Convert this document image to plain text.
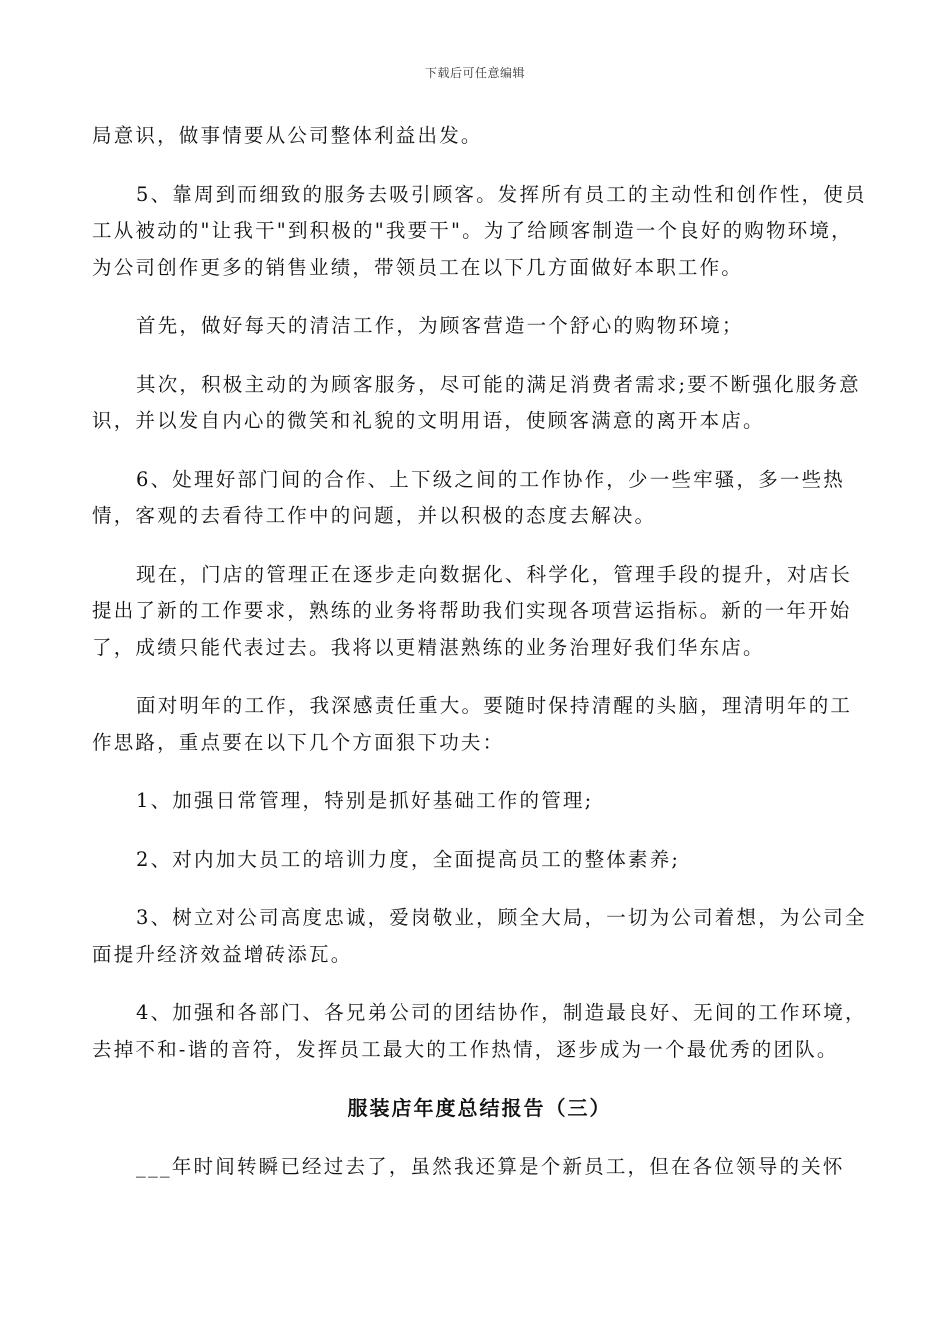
下载后可任意编辑

局意识，做事情要从公司整体利益出发。

5、靠周到而细致的服务去吸引顾客。发挥所有员工的主动性和创作性，使员工从被动的"让我干"到积极的"我要干"。为了给顾客制造一个良好的购物环境，为公司创作更多的销售业绩，带领员工在以下几方面做好本职工作。

首先，做好每天的清洁工作，为顾客营造一个舒心的购物环境；

其次，积极主动的为顾客服务，尽可能的满足消费者需求;要不断强化服务意识，并以发自内心的微笑和礼貌的文明用语，使顾客满意的离开本店。

6、处理好部门间的合作、上下级之间的工作协作，少一些牢骚，多一些热情，客观的去看待工作中的问题，并以积极的态度去解决。

现在，门店的管理正在逐步走向数据化、科学化，管理手段的提升，对店长提出了新的工作要求，熟练的业务将帮助我们实现各项营运指标。新的一年开始了，成绩只能代表过去。我将以更精湛熟练的业务治理好我们华东店。

面对明年的工作，我深感责任重大。要随时保持清醒的头脑，理清明年的工作思路，重点要在以下几个方面狠下功夫：

1、加强日常管理，特别是抓好基础工作的管理;

2、对内加大员工的培训力度，全面提高员工的整体素养;

3、树立对公司高度忠诚，爱岗敬业，顾全大局，一切为公司着想，为公司全面提升经济效益增砖添瓦。

4、加强和各部门、各兄弟公司的团结协作，制造最良好、无间的工作环境，去掉不和-谐的音符，发挥员工最大的工作热情，逐步成为一个最优秀的团队。

服装店年度总结报告（三）

___年时间转瞬已经过去了，虽然我还算是个新员工，但在各位领导的关怀
